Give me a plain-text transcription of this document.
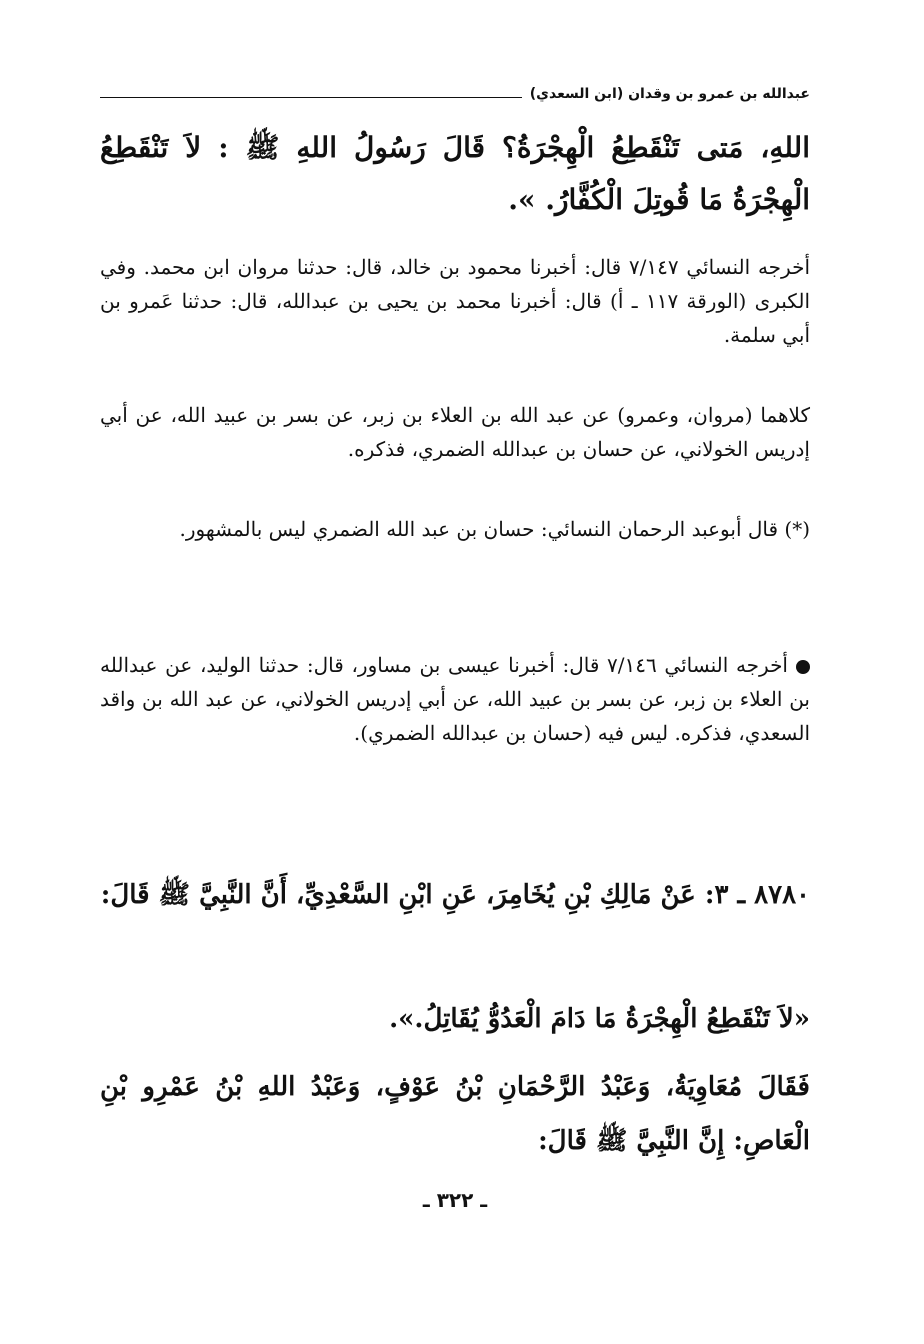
عبدالله بن عمرو بن وقدان (ابن السعدي)
اللهِ، مَتى تَنْقَطِعُ الْهِجْرَةُ؟ قَالَ رَسُولُ اللهِ ﷺ : لاَ تَنْقَطِعُ الْهِجْرَةُ مَا قُوتِلَ الْكُفَّارُ. ».
أخرجه النسائي ٧/١٤٧ قال: أخبرنا محمود بن خالد، قال: حدثنا مروان ابن محمد. وفي الكبرى (الورقة ١١٧ ـ أ) قال: أخبرنا محمد بن يحيى بن عبدالله، قال: حدثنا عَمرو بن أبي سلمة.
كلاهما (مروان، وعمرو) عن عبد الله بن العلاء بن زبر، عن بسر بن عبيد الله، عن أبي إدريس الخولاني، عن حسان بن عبدالله الضمري، فذكره.
(*) قال أبوعبد الرحمان النسائي: حسان بن عبد الله الضمري ليس بالمشهور.
أخرجه النسائي ٧/١٤٦ قال: أخبرنا عيسى بن مساور، قال: حدثنا الوليد، عن عبدالله بن العلاء بن زبر، عن بسر بن عبيد الله، عن أبي إدريس الخولاني، عن عبد الله بن واقد السعدي، فذكره. ليس فيه (حسان بن عبدالله الضمري).
٨٧٨٠ ـ ٣: عَنْ مَالِكِ بْنِ يُخَامِرَ، عَنِ ابْنِ السَّعْدِيِّ، أَنَّ النَّبِيَّ ﷺ قَالَ:
«لاَ تَنْقَطِعُ الْهِجْرَةُ مَا دَامَ الْعَدُوُّ يُقَاتِلُ.».
فَقَالَ مُعَاوِيَةُ، وَعَبْدُ الرَّحْمَانِ بْنُ عَوْفٍ، وَعَبْدُ اللهِ بْنُ عَمْرِو بْنِ الْعَاصِ: إِنَّ النَّبِيَّ ﷺ قَالَ:
ـ ٣٢٢ ـ
